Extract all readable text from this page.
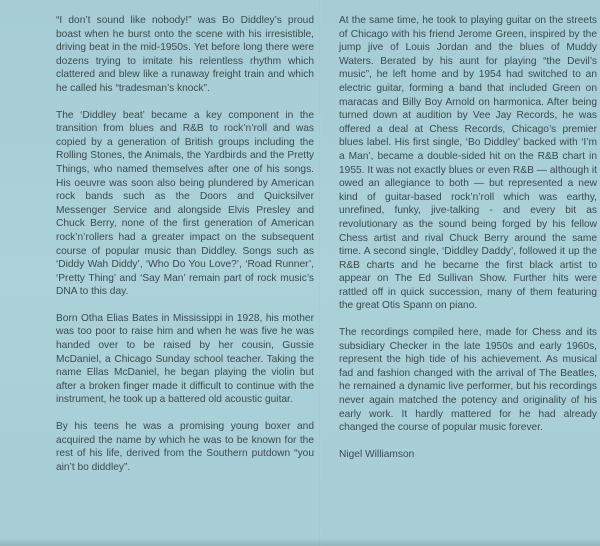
“I don’t sound like nobody!” was Bo Diddley’s proud boast when he burst onto the scene with his irresistible, driving beat in the mid-1950s. Yet before long there were dozens trying to imitate his relentless rhythm which clattered and blew like a runaway freight train and which he called his “tradesman’s knock”.

The ‘Diddley beat’ became a key component in the transition from blues and R&B to rock’n’roll and was copied by a generation of British groups including the Rolling Stones, the Animals, the Yardbirds and the Pretty Things, who named themselves after one of his songs. His oeuvre was soon also being plundered by American rock bands such as the Doors and Quicksilver Messenger Service and alongside Elvis Presley and Chuck Berry, none of the first generation of American rock’n’rollers had a greater impact on the subsequent course of popular music than Diddley. Songs such as ‘Diddy Wah Diddy’, ‘Who Do You Love?’, ‘Road Runner’, ‘Pretty Thing’ and ‘Say Man’ remain part of rock music’s DNA to this day.

Born Otha Elias Bates in Mississippi in 1928, his mother was too poor to raise him and when he was five he was handed over to be raised by her cousin, Gussie McDaniel, a Chicago Sunday school teacher. Taking the name Ellas McDaniel, he began playing the violin but after a broken finger made it difficult to continue with the instrument, he took up a battered old acoustic guitar.

By his teens he was a promising young boxer and acquired the name by which he was to be known for the rest of his life, derived from the Southern putdown “you ain’t bo diddley”.

At the same time, he took to playing guitar on the streets of Chicago with his friend Jerome Green, inspired by the jump jive of Louis Jordan and the blues of Muddy Waters. Berated by his aunt for playing “the Devil’s music”, he left home and by 1954 had switched to an electric guitar, forming a band that included Green on maracas and Billy Boy Arnold on harmonica. After being turned down at audition by Vee Jay Records, he was offered a deal at Chess Records, Chicago’s premier blues label. His first single, ‘Bo Diddley’ backed with ‘I’m a Man’, became a double-sided hit on the R&B chart in 1955. It was not exactly blues or even R&B — although it owed an allegiance to both — but represented a new kind of guitar-based rock’n’roll which was earthy, unrefined, funky, jive-talking - and every bit as revolutionary as the sound being forged by his fellow Chess artist and rival Chuck Berry around the same time. A second single, ‘Diddley Daddy’, followed it up the R&B charts and he became the first black artist to appear on The Ed Sullivan Show. Further hits were rattled off in quick succession, many of them featuring the great Otis Spann on piano.

The recordings compiled here, made for Chess and its subsidiary Checker in the late 1950s and early 1960s, represent the high tide of his achievement. As musical fad and fashion changed with the arrival of The Beatles, he remained a dynamic live performer, but his recordings never again matched the potency and originality of his early work. It hardly mattered for he had already changed the course of popular music forever.

Nigel Williamson
